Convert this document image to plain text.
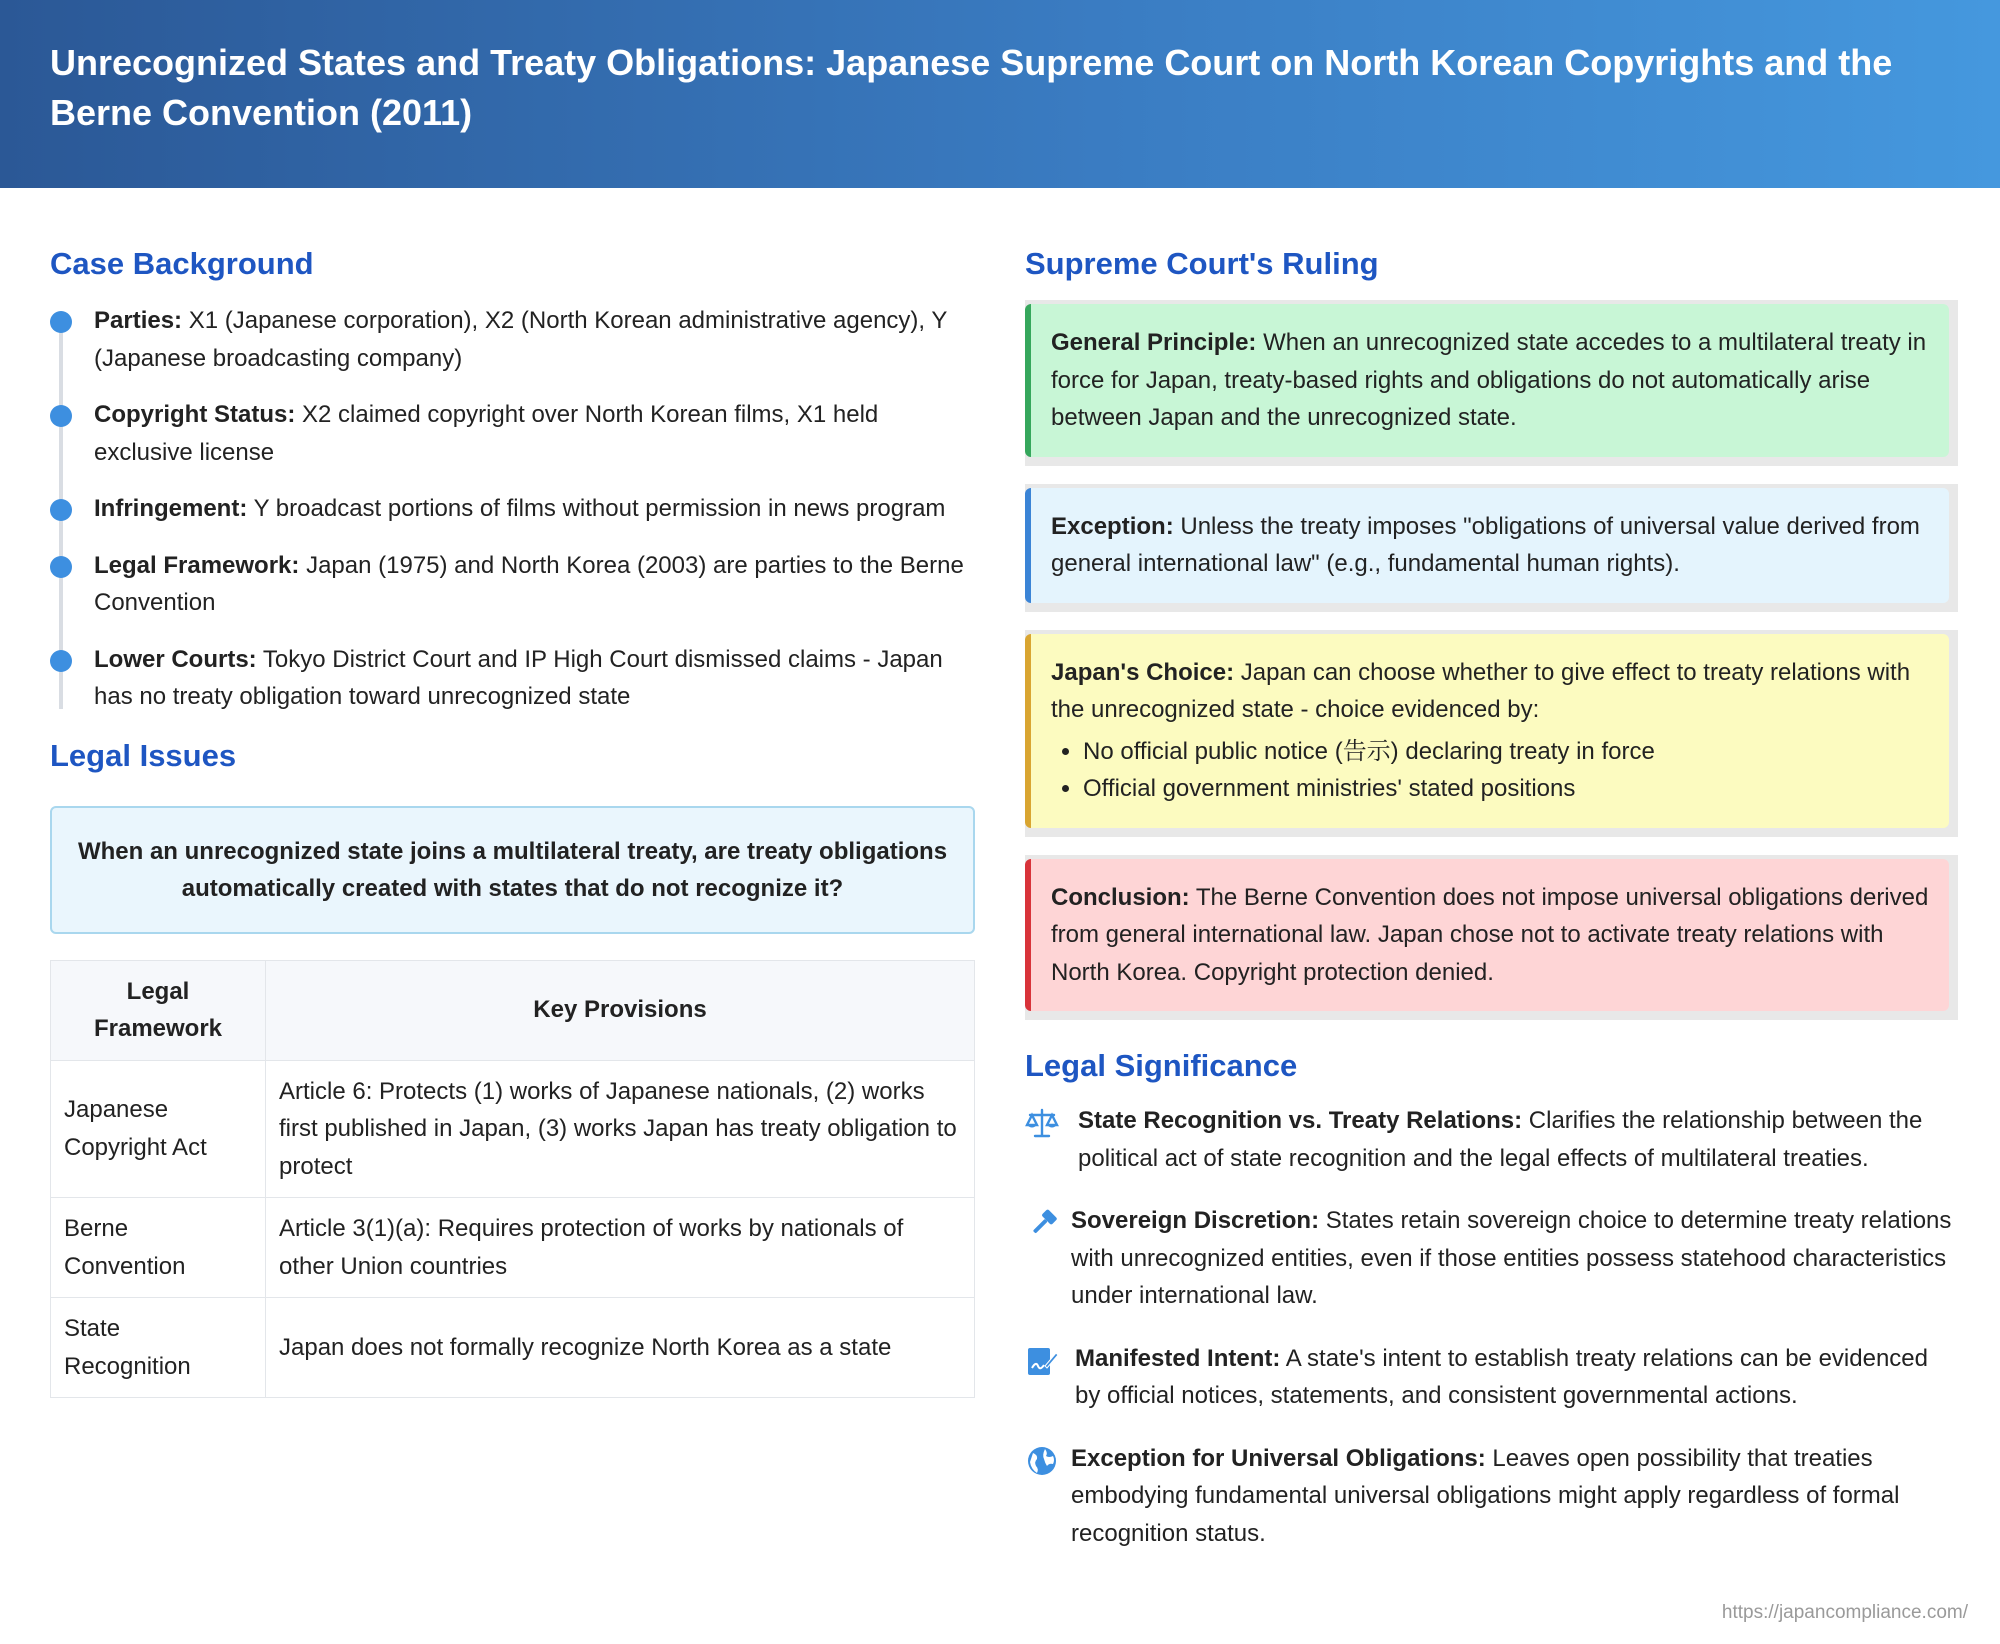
Unrecognized States and Treaty Obligations: Japanese Supreme Court on North Korean Copyrights and the Berne Convention (2011)
Case Background
Parties: X1 (Japanese corporation), X2 (North Korean administrative agency), Y (Japanese broadcasting company)
Copyright Status: X2 claimed copyright over North Korean films, X1 held exclusive license
Infringement: Y broadcast portions of films without permission in news program
Legal Framework: Japan (1975) and North Korea (2003) are parties to the Berne Convention
Lower Courts: Tokyo District Court and IP High Court dismissed claims - Japan has no treaty obligation toward unrecognized state
Legal Issues
When an unrecognized state joins a multilateral treaty, are treaty obligations automatically created with states that do not recognize it?
Legal Framework	Key Provisions
Japanese Copyright Act	Article 6: Protects (1) works of Japanese nationals, (2) works first published in Japan, (3) works Japan has treaty obligation to protect
Berne Convention	Article 3(1)(a): Requires protection of works by nationals of other Union countries
State Recognition	Japan does not formally recognize North Korea as a state
Supreme Court's Ruling
General Principle: When an unrecognized state accedes to a multilateral treaty in force for Japan, treaty-based rights and obligations do not automatically arise between Japan and the unrecognized state.
Exception: Unless the treaty imposes "obligations of universal value derived from general international law" (e.g., fundamental human rights).
Japan's Choice: Japan can choose whether to give effect to treaty relations with the unrecognized state - choice evidenced by:
• No official public notice (告示) declaring treaty in force
• Official government ministries' stated positions
Conclusion: The Berne Convention does not impose universal obligations derived from general international law. Japan chose not to activate treaty relations with North Korea. Copyright protection denied.
Legal Significance
State Recognition vs. Treaty Relations: Clarifies the relationship between the political act of state recognition and the legal effects of multilateral treaties.
Sovereign Discretion: States retain sovereign choice to determine treaty relations with unrecognized entities, even if those entities possess statehood characteristics under international law.
Manifested Intent: A state's intent to establish treaty relations can be evidenced by official notices, statements, and consistent governmental actions.
Exception for Universal Obligations: Leaves open possibility that treaties embodying fundamental universal obligations might apply regardless of formal recognition status.
https://japancompliance.com/
